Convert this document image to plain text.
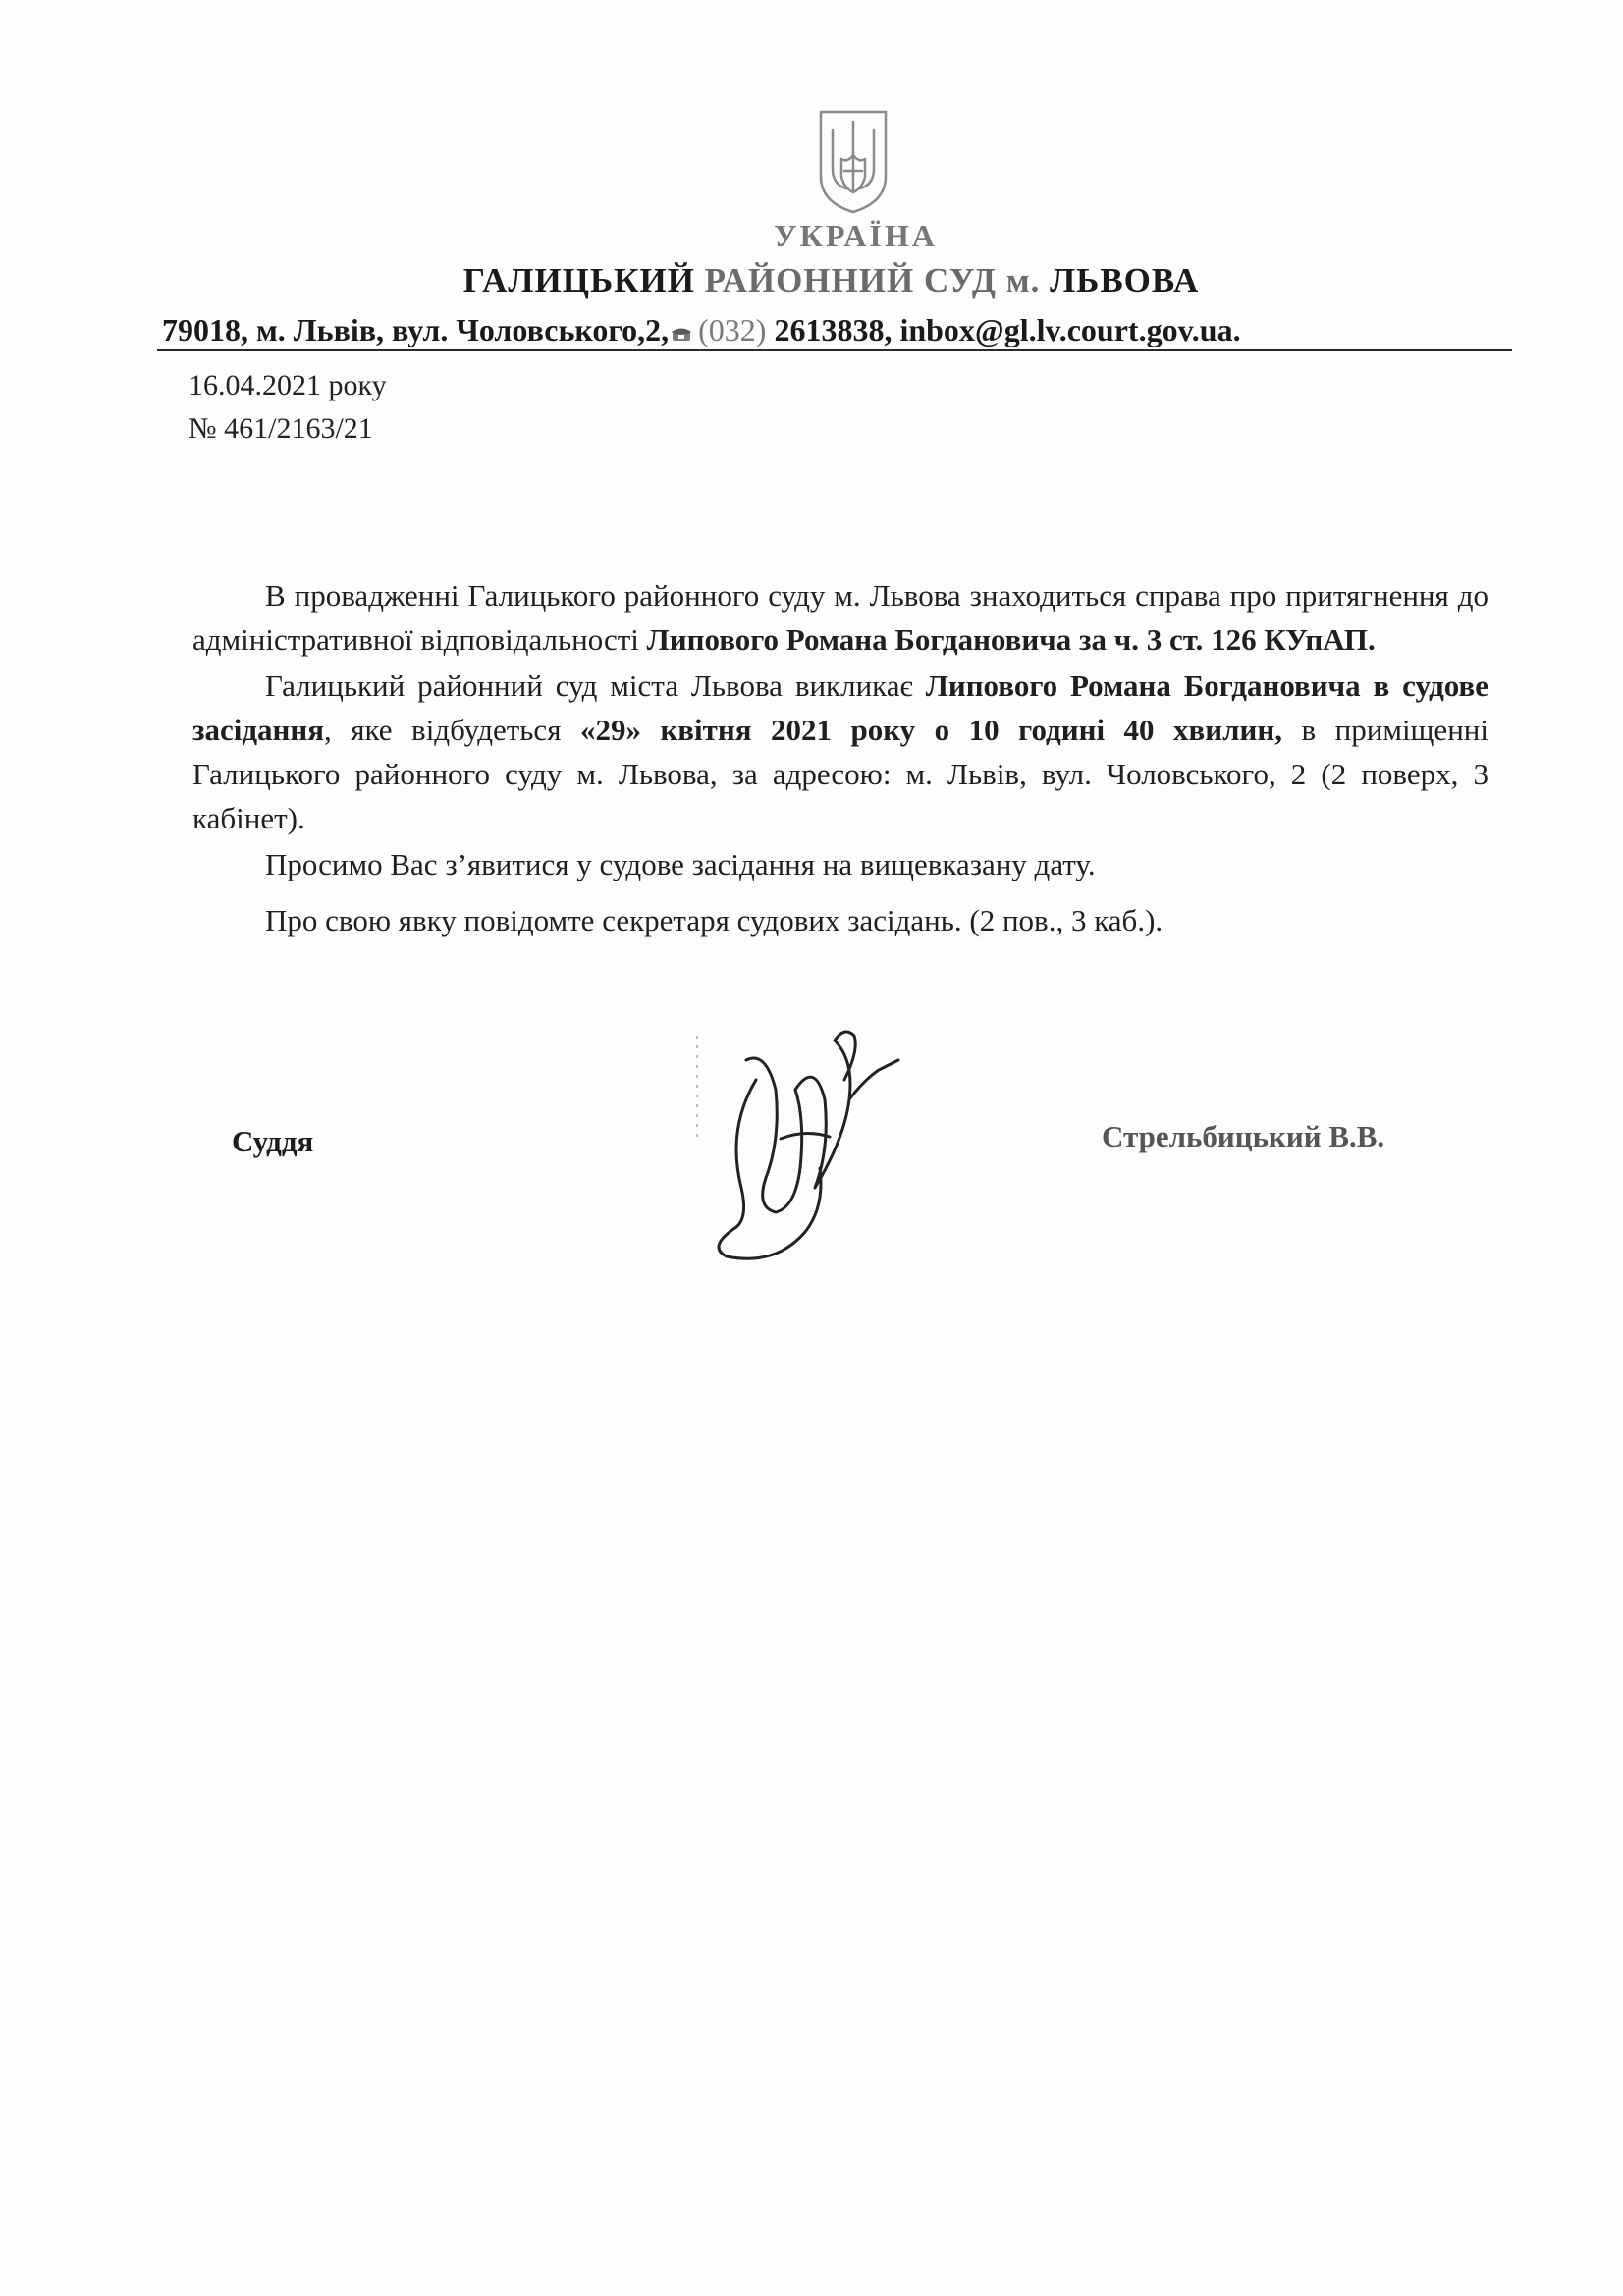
УКРАЇНА
ГАЛИЦЬКИЙ РАЙОННИЙ СУД м. ЛЬВОВА
79018, м. Львів, вул. Чоловського,2, (032) 2613838, inbox@gl.lv.court.gov.ua.
16.04.2021 року
№ 461/2163/21

В провадженні Галицького районного суду м. Львова знаходиться справа про притягнення до адміністративної відповідальності Липового Романа Богдановича за ч. 3 ст. 126 КУпАП.

Галицький районний суд міста Львова викликає Липового Романа Богдановича в судове засідання, яке відбудеться «29» квітня 2021 року о 10 годині 40 хвилин, в приміщенні Галицького районного суду м. Львова, за адресою: м. Львів, вул. Чоловського, 2 (2 поверх, 3 кабінет).

Просимо Вас з’явитися у судове засідання на вищевказану дату.

Про свою явку повідомте секретаря судових засідань. (2 пов., 3 каб.).

Суддя	Стрельбицький В.В.
